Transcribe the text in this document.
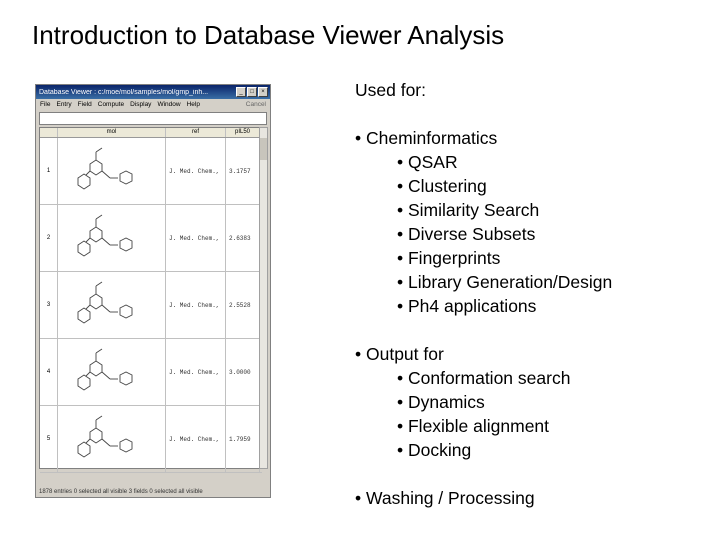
Introduction to Database Viewer Analysis
Database Viewer : c:/moe/mol/samples/mol/gmp_inh...	_	□	×
File Entry Field Compute Display Window Help	Cancel
mol	ref	pIL50
1	J. Med. Chem.,	3.1757
2	J. Med. Chem.,	2.6383
3	J. Med. Chem.,	2.5528
4	J. Med. Chem.,	3.0000
5	J. Med. Chem.,	1.7959
1878 entries 0 selected all visible 3 fields 0 selected all visible
Used for:
• Cheminformatics
• QSAR
• Clustering
• Similarity Search
• Diverse Subsets
• Fingerprints
• Library Generation/Design
• Ph4 applications
• Output for
• Conformation search
• Dynamics
• Flexible alignment
• Docking
• Washing / Processing
